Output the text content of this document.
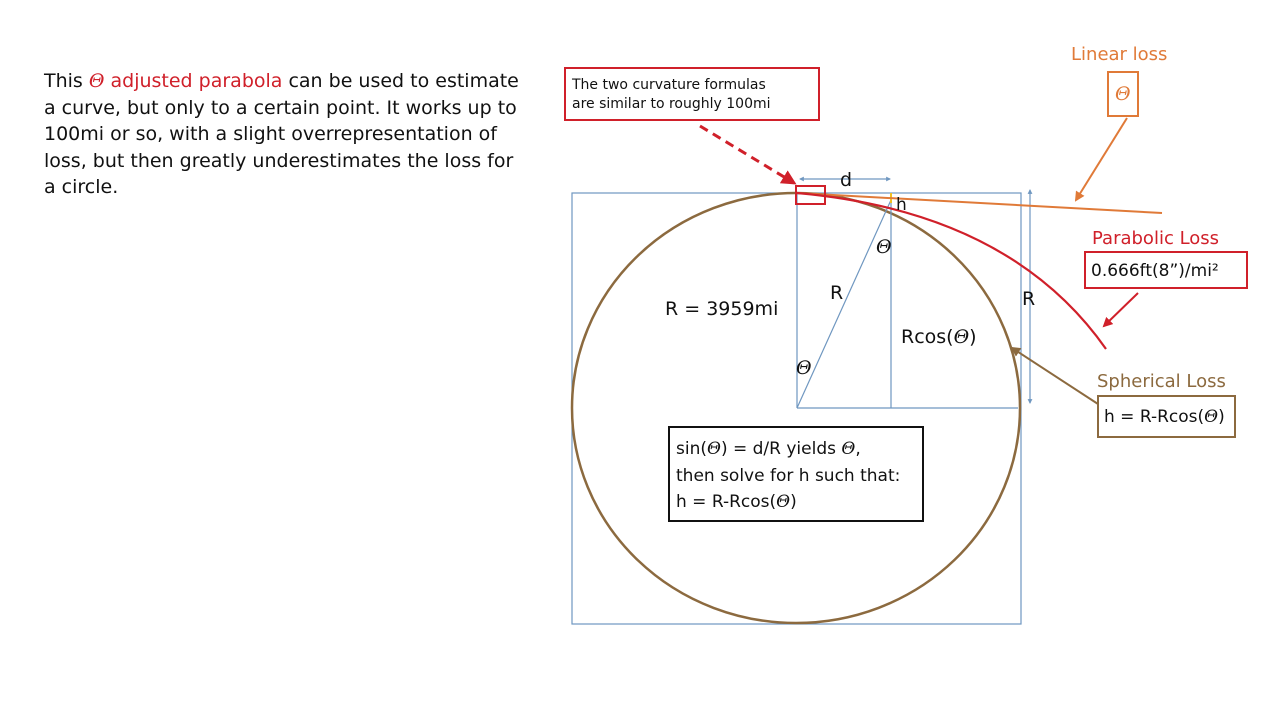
This Θ adjusted parabola can be used to estimate a curve, but only to a certain point. It works up to 100mi or so, with a slight overrepresentation of loss, but then greatly underestimates the loss for a circle.	d
R
h
Θ
R
R = 3959mi
Θ
Rcos(Θ)
The two curvature formulas
are similar to roughly 100mi
Linear loss
Θ
Parabolic Loss
0.666ft(8”)/mi²
Spherical Loss
h = R-Rcos(Θ)
sin(Θ) = d/R yields Θ,
then solve for h such that:
h = R-Rcos(Θ)
